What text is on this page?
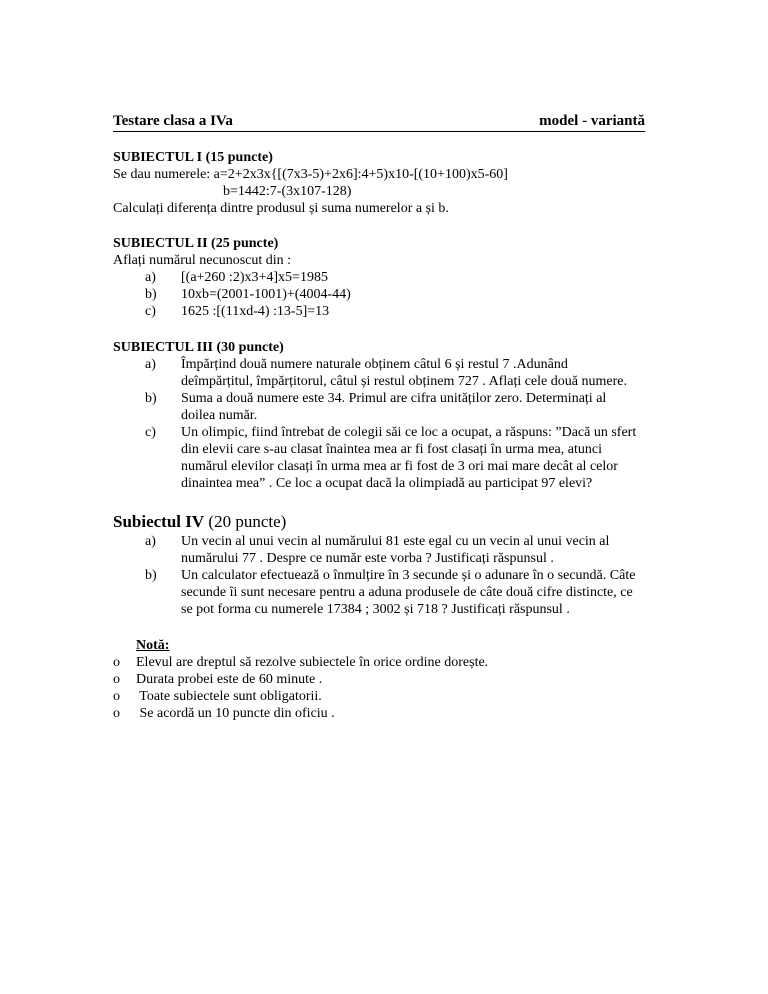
Testare clasa a IVa	model - variantă
SUBIECTUL I (15 puncte)
Se dau numerele: a=2+2x3x{[(7x3-5)+2x6]:4+5)x10-[(10+100)x5-60]
b=1442:7-(3x107-128)
Calculați diferența dintre produsul și suma numerelor a și b.
SUBIECTUL II (25 puncte)
Aflați numărul necunoscut din :
a)	[(a+260 :2)x3+4]x5=1985
b)	10xb=(2001-1001)+(4004-44)
c)	1625 :[(11xd-4) :13-5]=13
SUBIECTUL III (30 puncte)
a)	Împărțind două numere naturale obținem câtul 6 și restul 7 .Adunând
deîmpărțitul, împărțitorul, câtul și restul obținem 727 . Aflați cele două numere.
b)	Suma a două numere este 34. Primul are cifra unităților zero. Determinați al
doilea număr.
c)	Un olimpic, fiind întrebat de colegii săi ce loc a ocupat, a răspuns: ”Dacă un sfert
din elevii care s-au clasat înaintea mea ar fi fost clasați în urma mea, atunci
numărul elevilor clasați în urma mea ar fi fost de 3 ori mai mare decât al celor
dinaintea mea” . Ce loc a ocupat dacă la olimpiadă au participat 97 elevi?
Subiectul IV (20 puncte)
a)	Un vecin al unui vecin al numărului 81 este egal cu un vecin al unui vecin al
numărului 77 . Despre ce număr este vorba ? Justificați răspunsul .
b)	Un calculator efectuează o înmulțire în 3 secunde și o adunare în o secundă. Câte
secunde îi sunt necesare pentru a aduna produsele de câte două cifre distincte, ce
se pot forma cu numerele 17384 ; 3002 și 718 ? Justificați răspunsul .
Notă:
o	Elevul are dreptul să rezolve subiectele în orice ordine dorește.
o	Durata probei este de 60 minute .
o	Toate subiectele sunt obligatorii.
o	Se acordă un 10 puncte din oficiu .
